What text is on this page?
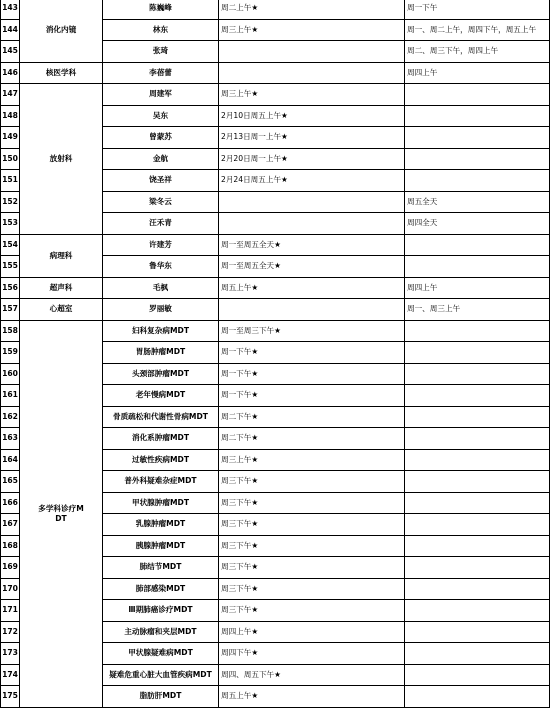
143	消化内镜	陈巍峰	周二上午★	周一下午
144		林东	周三上午★	周一、周二上午，周四下午，周五上午
145		张琦		周二、周三下午，周四上午
146	核医学科	李蓓蕾		周四上午
147	放射科	周建军	周三上午★	
148		吴东	2月10日周五上午★	
149		曾蒙苏	2月13日周一上午★	
150		金航	2月20日周一上午★	
151		饶圣祥	2月24日周五上午★	
152		梁冬云		周五全天
153		汪禾青		周四全天
154	病理科	许建芳	周一至周五全天★	
155		鲁华东	周一至周五全天★	
156	超声科	毛枫	周五上午★	周四上午
157	心超室	罗丽敏		周一、周三上午
158	多学科诊疗MDT	妇科复杂病MDT	周一至周三下午★	
159		胃肠肿瘤MDT	周一下午★	
160		头颈部肿瘤MDT	周一下午★	
161		老年慢病MDT	周一下午★	
162		骨质疏松和代谢性骨病MDT	周二下午★	
163		消化系肿瘤MDT	周二下午★	
164		过敏性疾病MDT	周三上午★	
165		普外科疑难杂症MDT	周三下午★	
166		甲状腺肿瘤MDT	周三下午★	
167		乳腺肿瘤MDT	周三下午★	
168		胰腺肿瘤MDT	周三下午★	
169		肺结节MDT	周三下午★	
170		肺部感染MDT	周三下午★	
171		Ⅲ期肺癌诊疗MDT	周三下午★	
172		主动脉瘤和夹层MDT	周四上午★	
173		甲状腺疑难病MDT	周四下午★	
174		疑难危重心脏大血管疾病MDT	周四、周五下午★	
175		脂肪肝MDT	周五上午★	
